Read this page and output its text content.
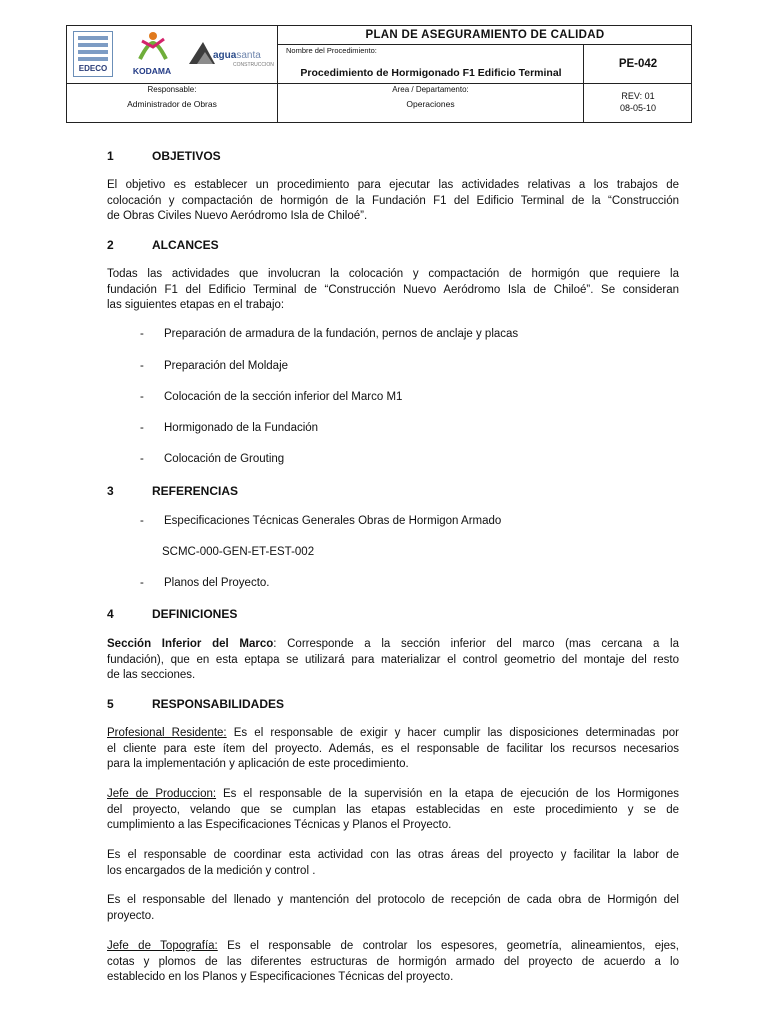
EDECO	KODAMA
aguasanta
CONSTRUCCION
PLAN DE ASEGURAMIENTO DE CALIDAD
Nombre del Procedimiento:
Procedimiento de Hormigonado F1 Edificio Terminal
PE-042
Responsable:
Administrador de Obras
Area / Departamento:
Operaciones
REV: 01
08-05-10
1	OBJETIVOS
El objetivo es establecer un procedimiento para ejecutar las actividades relativas a los trabajos de
colocación y compactación de hormigón de la Fundación F1 del Edificio Terminal de la “Construcción
de Obras Civiles Nuevo Aeródromo Isla de Chiloé”.
2	ALCANCES
Todas las actividades que involucran la colocación y compactación de hormigón que requiere la
fundación F1 del Edificio Terminal de “Construcción Nuevo Aeródromo Isla de Chiloé”. Se consideran
las siguientes etapas en el trabajo:
- Preparación de armadura de la fundación, pernos de anclaje y placas
- Preparación del Moldaje
- Colocación de la sección inferior del Marco M1
- Hormigonado de la Fundación
- Colocación de Grouting
3	REFERENCIAS
- Especificaciones Técnicas Generales Obras de Hormigon Armado
SCMC-000-GEN-ET-EST-002
- Planos del Proyecto.
4	DEFINICIONES
Sección Inferior del Marco: Corresponde a la sección inferior del marco (mas cercana a la
fundación), que en esta eptapa se utilizará para materializar el control geometrio del montaje del resto
de las secciones.
5	RESPONSABILIDADES
Profesional Residente: Es el responsable de exigir y hacer cumplir las disposiciones determinadas por
el cliente para este ítem del proyecto. Además, es el responsable de facilitar los recursos necesarios
para la implementación y aplicación de este procedimiento.
Jefe de Produccion: Es el responsable de la supervisión en la etapa de ejecución de los Hormigones
del proyecto, velando que se cumplan las etapas establecidas en este procedimiento y se de
cumplimiento a las Especificaciones Técnicas y Planos el Proyecto.
Es el responsable de coordinar esta actividad con las otras áreas del proyecto y facilitar la labor de
los encargados de la medición y control .
Es el responsable del llenado y mantención del protocolo de recepción de cada obra de Hormigón del
proyecto.
Jefe de Topografía: Es el responsable de controlar los espesores, geometría, alineamientos, ejes,
cotas y plomos de las diferentes estructuras de hormigón armado del proyecto de acuerdo a lo
establecido en los Planos y Especificaciones Técnicas del proyecto.
